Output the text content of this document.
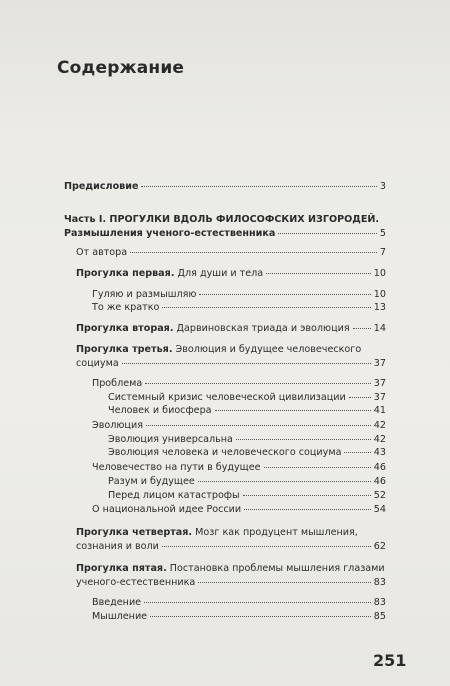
Содержание
Предисловие	3
Часть I. ПРОГУЛКИ ВДОЛЬ ФИЛОСОФСКИХ ИЗГОРОДЕЙ.
Размышления ученого-естественника	5
От автора	7
Прогулка первая. Для души и тела	10
Гуляю и размышляю	10
То же кратко	13
Прогулка вторая. Дарвиновская триада и эволюция	14
Прогулка третья. Эволюция и будущее человеческого
социума	37
Проблема	37
Системный кризис человеческой цивилизации	37
Человек и биосфера	41
Эволюция	42
Эволюция универсальна	42
Эволюция человека и человеческого социума	43
Человечество на пути в будущее	46
Разум и будущее	46
Перед лицом катастрофы	52
О национальной идее России	54
Прогулка четвертая. Мозг как продуцент мышления,
сознания и воли	62
Прогулка пятая. Постановка проблемы мышления глазами
ученого-естественника	83
Введение	83
Мышление	85
251
